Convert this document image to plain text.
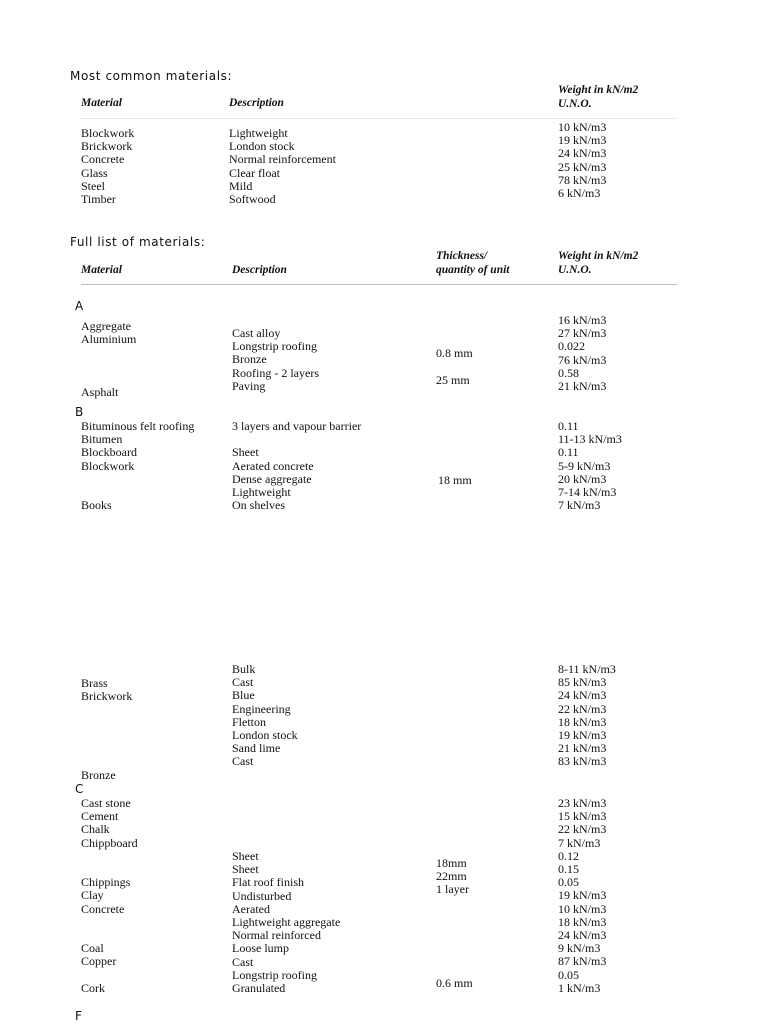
Most common materials:
Material	Description
Weight in kN/m2
U.N.O.
Blockwork
Brickwork
Concrete
Glass
Steel
Timber
Lightweight
London stock
Normal reinforcement
Clear float
Mild
Softwood
10 kN/m3
19 kN/m3
24 kN/m3
25 kN/m3
78 kN/m3
6 kN/m3
Full list of materials:
Material	Description
Thickness/
quantity of unit
Weight in kN/m2
U.N.O.
A
Aggregate
Aluminium

Asphalt
Cast alloy
Longstrip roofing
Bronze
Roofing - 2 layers
Paving
0.8 mm
25 mm
16 kN/m3
27 kN/m3
0.022
76 kN/m3
0.58
21 kN/m3
B
Bituminous felt roofing
Bitumen
Blockboard
Blockwork

Books
3 layers and vapour barrier

Sheet
Aerated concrete
Dense aggregate
Lightweight
On shelves
18 mm
0.11
11-13 kN/m3
0.11
5-9 kN/m3
20 kN/m3
7-14 kN/m3
7 kN/m3
Brass
Brickwork

Bronze
Bulk
Cast
Blue
Engineering
Fletton
London stock
Sand lime
Cast
8-11 kN/m3
85 kN/m3
24 kN/m3
22 kN/m3
18 kN/m3
19 kN/m3
21 kN/m3
83 kN/m3
C
Cast stone
Cement
Chalk
Chippboard

Chippings
Clay
Concrete

Coal
Copper

Cork
Sheet
Sheet
Flat roof finish
Undisturbed
Aerated
Lightweight aggregate
Normal reinforced
Loose lump
Cast
Longstrip roofing
Granulated
18mm
22mm
1 layer
0.6 mm
23 kN/m3
15 kN/m3
22 kN/m3
7 kN/m3
0.12
0.15
0.05
19 kN/m3
10 kN/m3
18 kN/m3
24 kN/m3
9 kN/m3
87 kN/m3
0.05
1 kN/m3
F
